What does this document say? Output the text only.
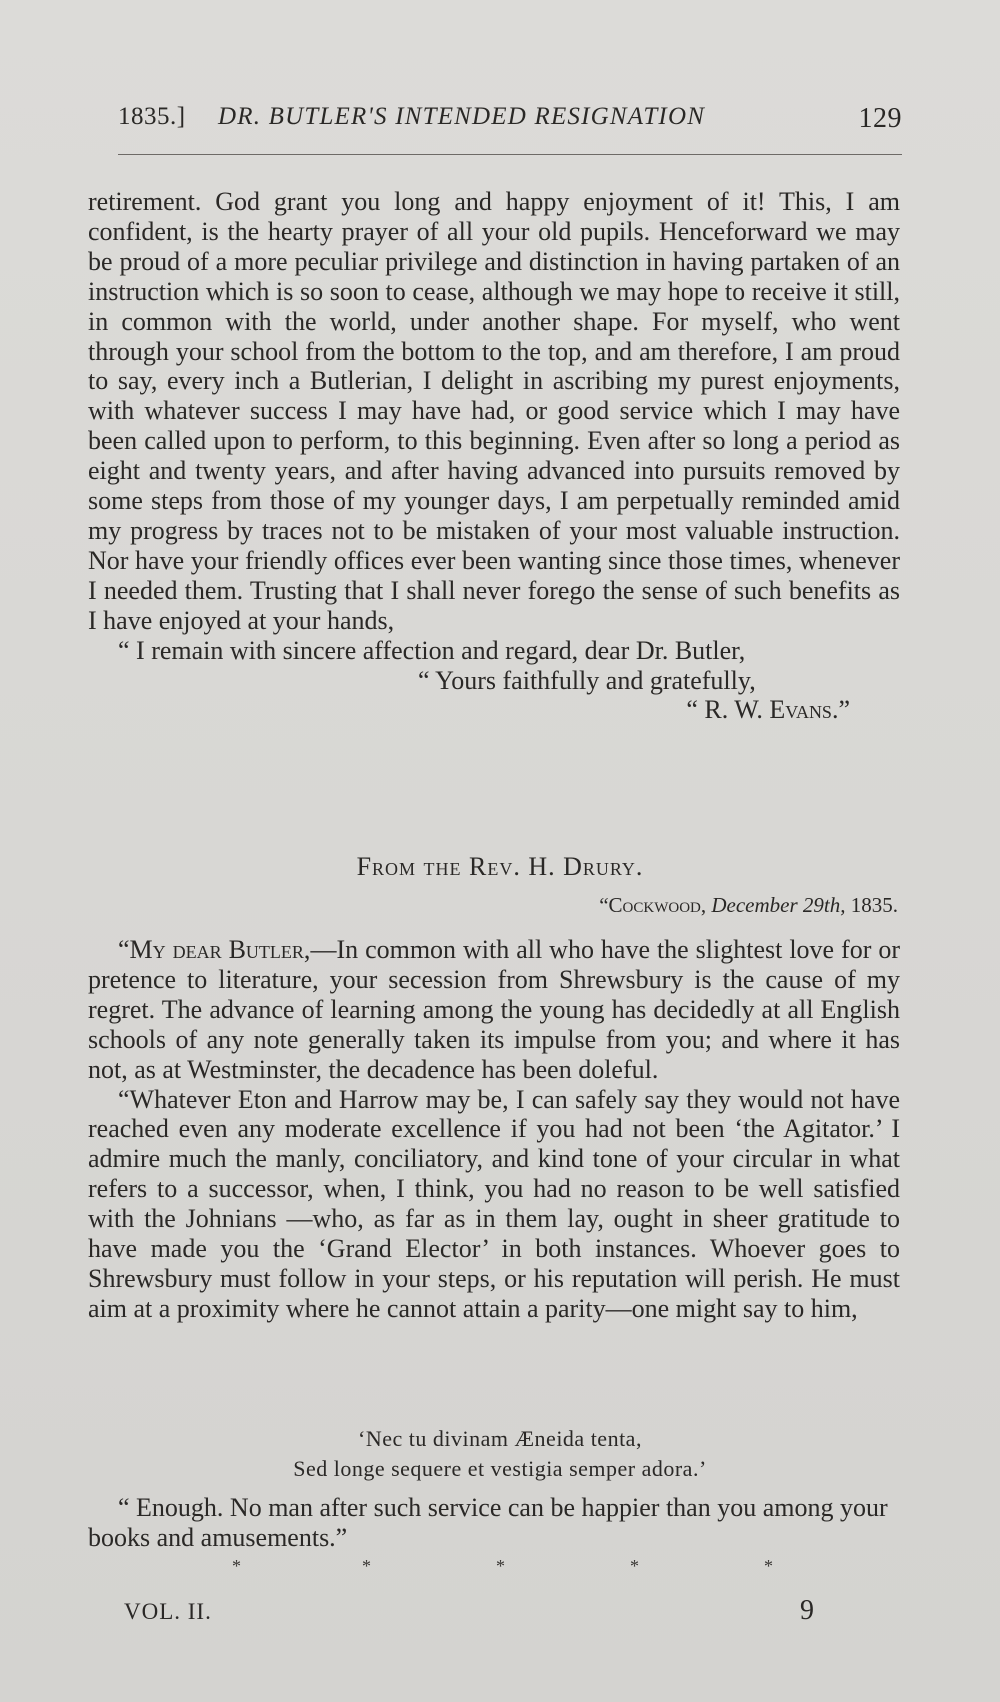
1835.] DR. BUTLER'S INTENDED RESIGNATION	129

retirement. God grant you long and happy enjoyment of it! This, I am confident, is the hearty prayer of all your old pupils. Henceforward we may be proud of a more peculiar privilege and distinction in having partaken of an instruction which is so soon to cease, although we may hope to receive it still, in common with the world, under another shape. For myself, who went through your school from the bottom to the top, and am therefore, I am proud to say, every inch a Butlerian, I delight in ascribing my purest enjoyments, with whatever success I may have had, or good service which I may have been called upon to perform, to this beginning. Even after so long a period as eight and twenty years, and after having advanced into pursuits removed by some steps from those of my younger days, I am perpetually reminded amid my progress by traces not to be mistaken of your most valuable instruction. Nor have your friendly offices ever been wanting since those times, whenever I needed them. Trusting that I shall never forego the sense of such benefits as I have enjoyed at your hands,

“ I remain with sincere affection and regard, dear Dr. Butler,

“ Yours faithfully and gratefully,

“ R. W. Evans.”

From the Rev. H. Drury.
“Cockwood, December 29th, 1835.

“My dear Butler,—In common with all who have the slightest love for or pretence to literature, your secession from Shrewsbury is the cause of my regret. The advance of learning among the young has decidedly at all English schools of any note generally taken its impulse from you; and where it has not, as at Westminster, the decadence has been doleful.

“Whatever Eton and Harrow may be, I can safely say they would not have reached even any moderate excellence if you had not been ‘the Agitator.’ I admire much the manly, conciliatory, and kind tone of your circular in what refers to a successor, when, I think, you had no reason to be well satisfied with the Johnians —who, as far as in them lay, ought in sheer gratitude to have made you the ‘Grand Elector’ in both instances. Whoever goes to Shrewsbury must follow in your steps, or his reputation will perish. He must aim at a proximity where he cannot attain a parity—one might say to him,

‘Nec tu divinam Æneida tenta,
Sed longe sequere et vestigia semper adora.’

“ Enough. No man after such service can be happier than you among your books and amusements.”

*	*	*	*	*
VOL. II.	9
